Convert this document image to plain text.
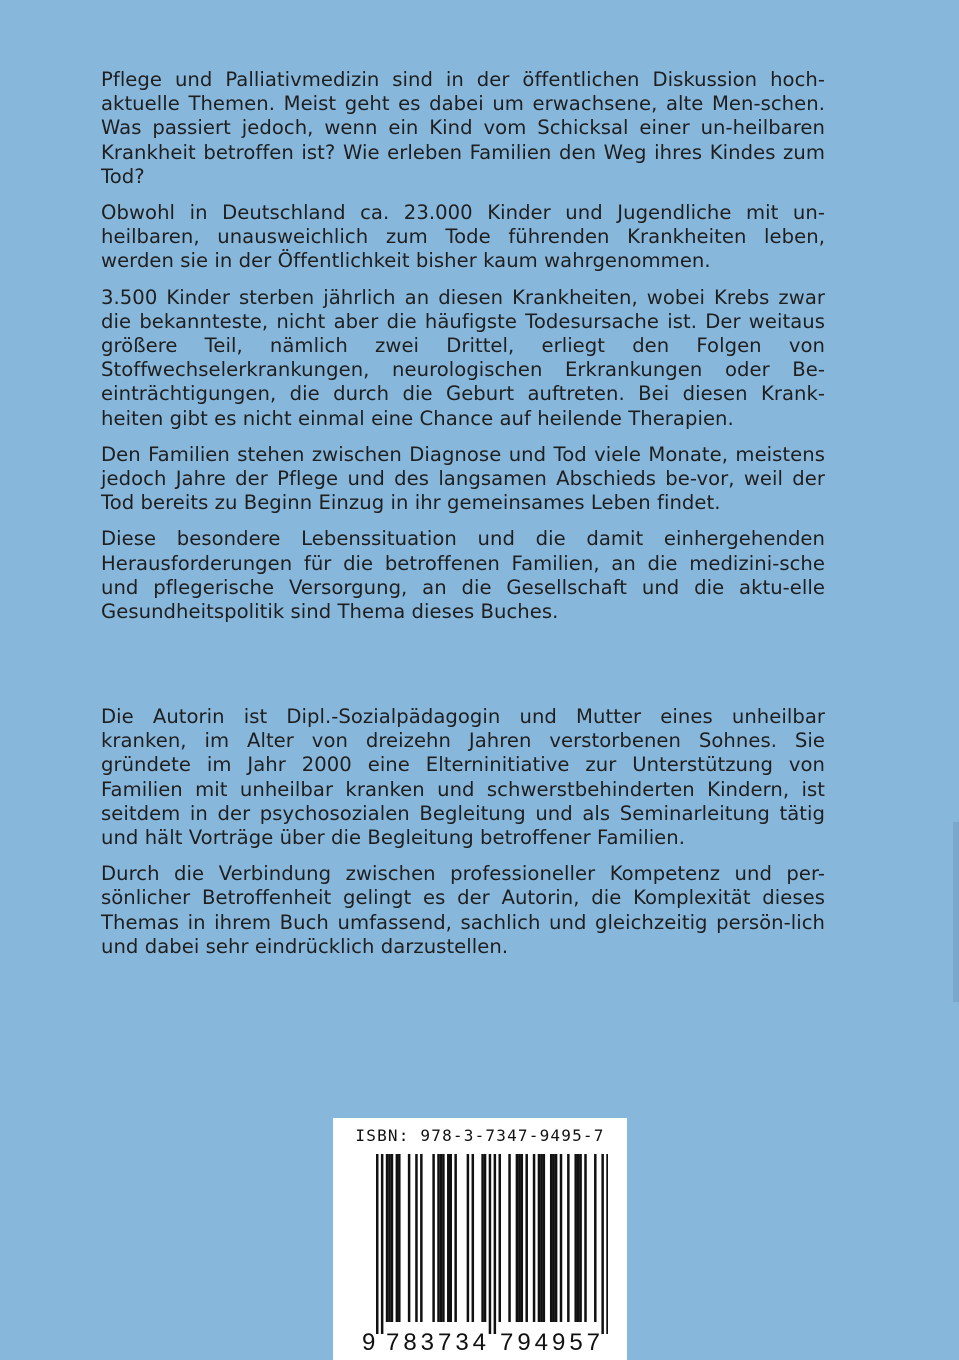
Pflege und Palliativmedizin sind in der öffentlichen Diskussion hoch-aktuelle Themen. Meist geht es dabei um erwachsene, alte Men-schen. Was passiert jedoch, wenn ein Kind vom Schicksal einer un-heilbaren Krankheit betroffen ist? Wie erleben Familien den Weg ihres Kindes zum Tod?

Obwohl in Deutschland ca. 23.000 Kinder und Jugendliche mit un-heilbaren, unausweichlich zum Tode führenden Krankheiten leben, werden sie in der Öffentlichkeit bisher kaum wahrgenommen.

3.500 Kinder sterben jährlich an diesen Krankheiten, wobei Krebs zwar die bekannteste, nicht aber die häufigste Todesursache ist. Der weitaus größere Teil, nämlich zwei Drittel, erliegt den Folgen von Stoffwechselerkrankungen, neurologischen Erkrankungen oder Be-einträchtigungen, die durch die Geburt auftreten. Bei diesen Krank-heiten gibt es nicht einmal eine Chance auf heilende Therapien.

Den Familien stehen zwischen Diagnose und Tod viele Monate, meistens jedoch Jahre der Pflege und des langsamen Abschieds be-vor, weil der Tod bereits zu Beginn Einzug in ihr gemeinsames Leben findet.

Diese besondere Lebenssituation und die damit einhergehenden Herausforderungen für die betroffenen Familien, an die medizini-sche und pflegerische Versorgung, an die Gesellschaft und die aktu-elle Gesundheitspolitik sind Thema dieses Buches.

Die Autorin ist Dipl.-Sozialpädagogin und Mutter eines unheilbar kranken, im Alter von dreizehn Jahren verstorbenen Sohnes. Sie gründete im Jahr 2000 eine Elterninitiative zur Unterstützung von Familien mit unheilbar kranken und schwerstbehinderten Kindern, ist seitdem in der psychosozialen Begleitung und als Seminarleitung tätig und hält Vorträge über die Begleitung betroffener Familien.

Durch die Verbindung zwischen professioneller Kompetenz und per-sönlicher Betroffenheit gelingt es der Autorin, die Komplexität dieses Themas in ihrem Buch umfassend, sachlich und gleichzeitig persön-lich und dabei sehr eindrücklich darzustellen.

ISBN: 978-3-7347-9495-7
9 783734 794957
